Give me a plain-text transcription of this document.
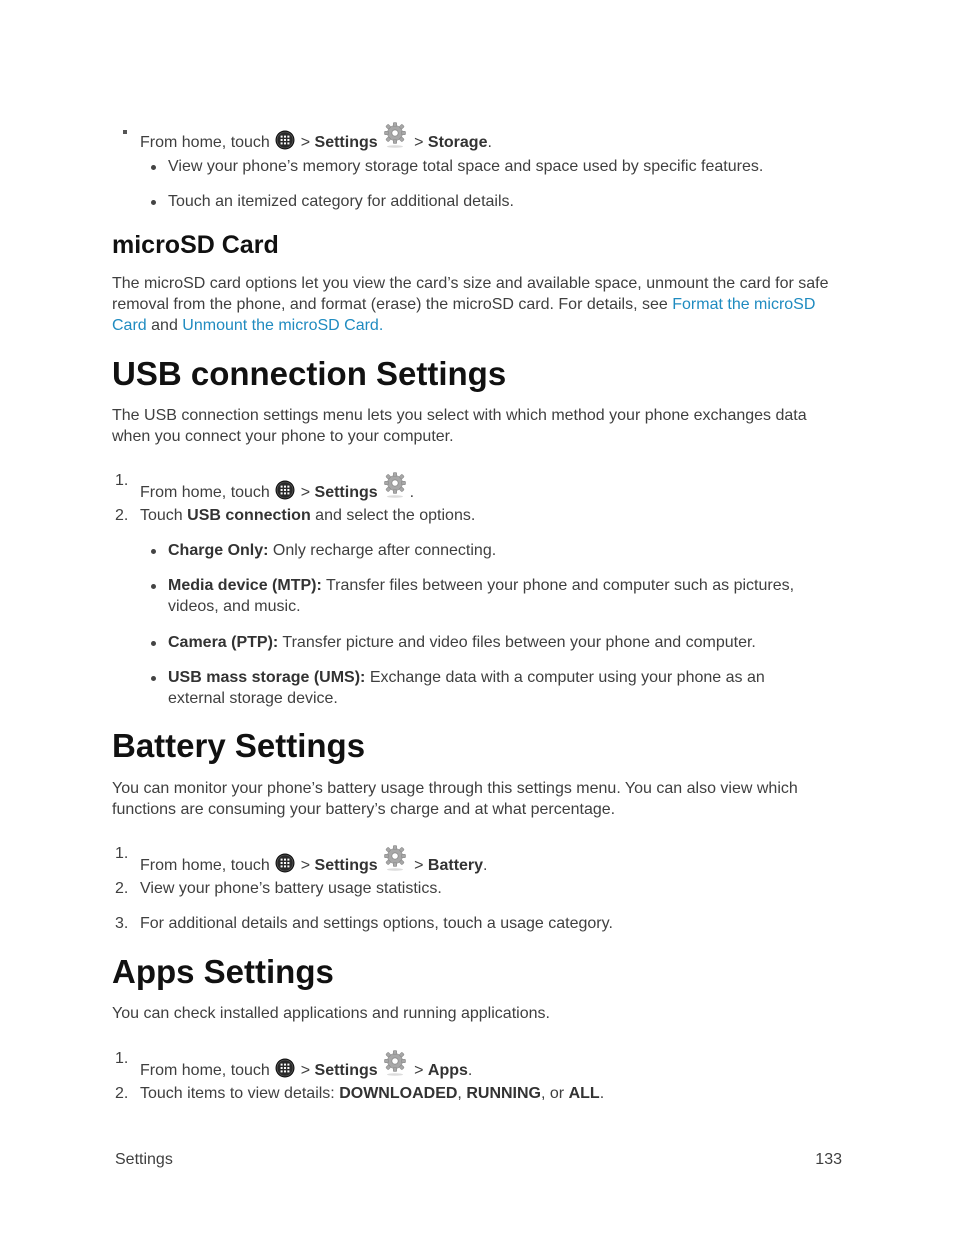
From home, touch > Settings > Storage.
View your phone’s memory storage total space and space used by specific features.
Touch an itemized category for additional details.
microSD Card
The microSD card options let you view the card’s size and available space, unmount the card for safe removal from the phone, and format (erase) the microSD card. For details, see Format the microSD Card and Unmount the microSD Card.
USB connection Settings
The USB connection settings menu lets you select with which method your phone exchanges data when you connect your phone to your computer.
1.
From home, touch > Settings .
2. Touch USB connection and select the options.
Charge Only: Only recharge after connecting.
Media device (MTP): Transfer files between your phone and computer such as pictures, videos, and music.
Camera (PTP): Transfer picture and video files between your phone and computer.
USB mass storage (UMS): Exchange data with a computer using your phone as an external storage device.
Battery Settings
You can monitor your phone’s battery usage through this settings menu. You can also view which functions are consuming your battery’s charge and at what percentage.
1.
From home, touch > Settings > Battery.
2. View your phone’s battery usage statistics.
3. For additional details and settings options, touch a usage category.
Apps Settings
You can check installed applications and running applications.
1.
From home, touch > Settings > Apps.
2. Touch items to view details: DOWNLOADED, RUNNING, or ALL.
Settings	133
